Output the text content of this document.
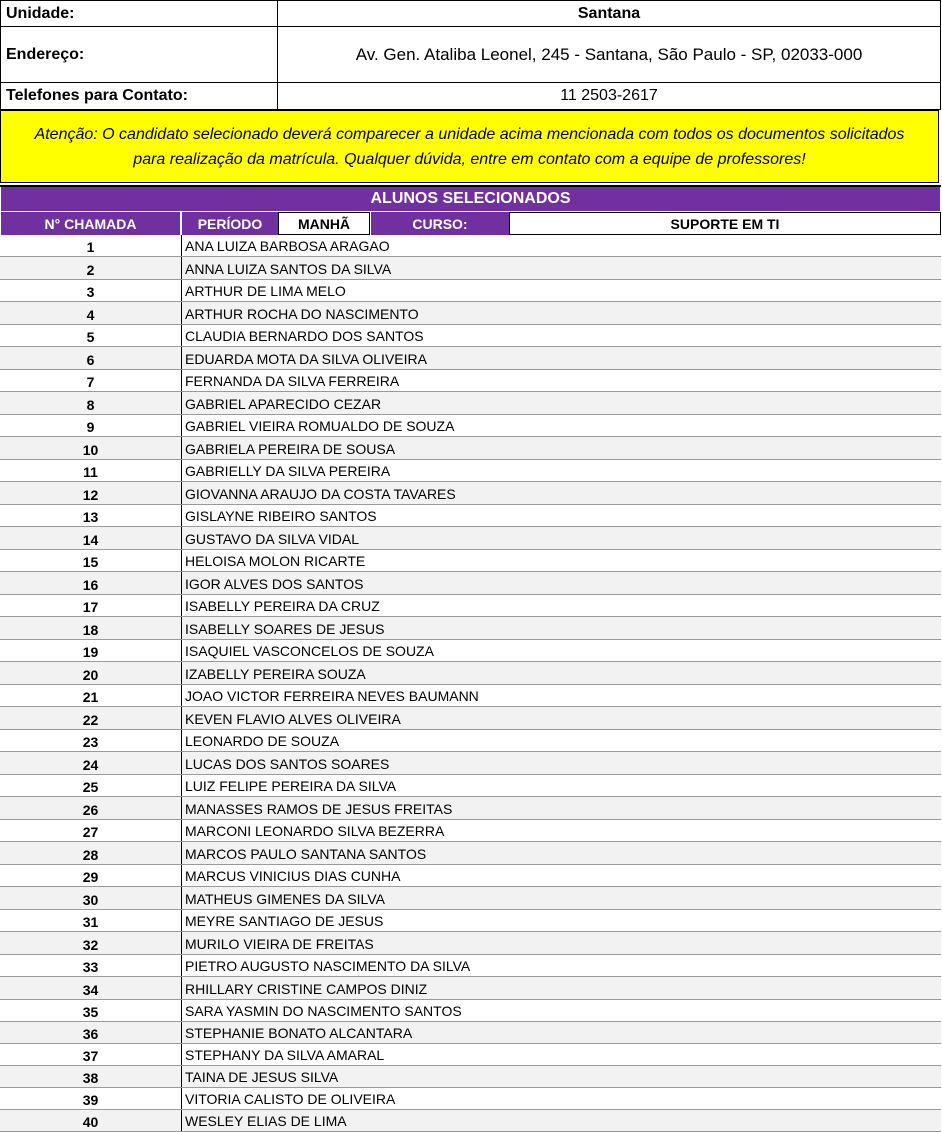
Unidade:	Santana
Endereço:	Av. Gen. Ataliba Leonel, 245 - Santana, São Paulo - SP, 02033-000
Telefones para Contato:	11 2503-2617
Atenção: O candidato selecionado deverá comparecer a unidade acima mencionada com todos os documentos solicitados para realização da matrícula. Qualquer dúvida, entre em contato com a equipe de professores!
ALUNOS SELECIONADOS
N° CHAMADA	PERÍODO	MANHÃ	CURSO:	SUPORTE EM TI
1	ANA LUIZA BARBOSA ARAGAO
2	ANNA LUIZA SANTOS DA SILVA
3	ARTHUR DE LIMA MELO
4	ARTHUR ROCHA DO NASCIMENTO
5	CLAUDIA BERNARDO DOS SANTOS
6	EDUARDA MOTA DA SILVA OLIVEIRA
7	FERNANDA DA SILVA FERREIRA
8	GABRIEL APARECIDO CEZAR
9	GABRIEL VIEIRA ROMUALDO DE SOUZA
10	GABRIELA PEREIRA DE SOUSA
11	GABRIELLY DA SILVA PEREIRA
12	GIOVANNA ARAUJO DA COSTA TAVARES
13	GISLAYNE RIBEIRO SANTOS
14	GUSTAVO DA SILVA VIDAL
15	HELOISA MOLON RICARTE
16	IGOR ALVES DOS SANTOS
17	ISABELLY PEREIRA DA CRUZ
18	ISABELLY SOARES DE JESUS
19	ISAQUIEL VASCONCELOS DE SOUZA
20	IZABELLY PEREIRA SOUZA
21	JOAO VICTOR FERREIRA NEVES BAUMANN
22	KEVEN FLAVIO ALVES OLIVEIRA
23	LEONARDO DE SOUZA
24	LUCAS DOS SANTOS SOARES
25	LUIZ FELIPE PEREIRA DA SILVA
26	MANASSES RAMOS DE JESUS FREITAS
27	MARCONI LEONARDO SILVA BEZERRA
28	MARCOS PAULO SANTANA SANTOS
29	MARCUS VINICIUS DIAS CUNHA
30	MATHEUS GIMENES DA SILVA
31	MEYRE SANTIAGO DE JESUS
32	MURILO VIEIRA DE FREITAS
33	PIETRO AUGUSTO NASCIMENTO DA SILVA
34	RHILLARY CRISTINE CAMPOS DINIZ
35	SARA YASMIN DO NASCIMENTO SANTOS
36	STEPHANIE BONATO ALCANTARA
37	STEPHANY DA SILVA AMARAL
38	TAINA DE JESUS SILVA
39	VITORIA CALISTO DE OLIVEIRA
40	WESLEY ELIAS DE LIMA
